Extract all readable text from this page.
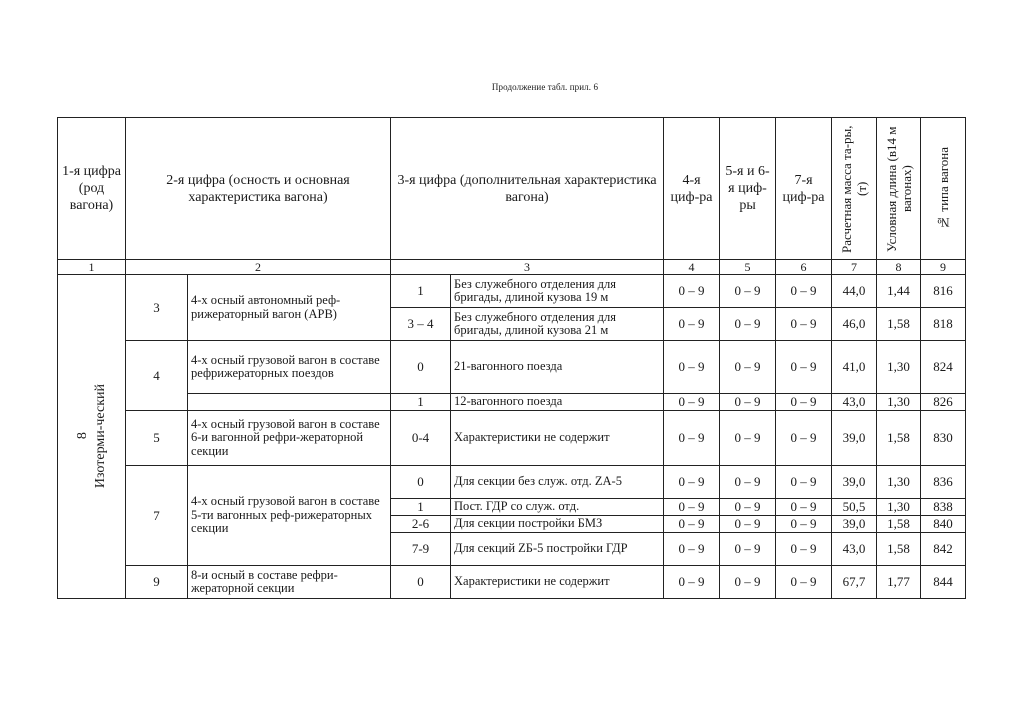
Продолжение табл. прил. 6
1-я цифра (род вагона)	2-я цифра (осность и основная характеристика вагона)		3-я цифра (дополнительная характеристика вагона)		4-я циф-ра	5-я и 6-я циф-ры	7-я циф-ра	Расчетная масса та-ры, (т)	Условная длина (в14 м вагонах)	№ типа вагона

1	2		3		4	5	6	7	8	9

8 Изотерми-ческий	3	4-х осный автономный реф-рижераторный вагон (АРВ)	1	Без служебного отделения для бригады, длиной кузова 19 м	0 – 9	0 – 9	0 – 9	44,0	1,44	816
			3 – 4	Без служебного отделения для бригады, длиной кузова 21 м	0 – 9	0 – 9	0 – 9	46,0	1,58	818
	4	4-х осный грузовой вагон в составе рефрижераторных поездов	0	21-вагонного поезда	0 – 9	0 – 9	0 – 9	41,0	1,30	824
			1	12-вагонного поезда	0 – 9	0 – 9	0 – 9	43,0	1,30	826
	5	4-х осный грузовой вагон в составе 6-и вагонной рефри-жераторной секции	0-4	Характеристики не содержит	0 – 9	0 – 9	0 – 9	39,0	1,58	830
	7	4-х осный грузовой вагон в составе 5-ти вагонных реф-рижераторных секции	0	Для секции без служ. отд. ZA-5	0 – 9	0 – 9	0 – 9	39,0	1,30	836
			1	Пост. ГДР со служ. отд.	0 – 9	0 – 9	0 – 9	50,5	1,30	838
			2-6	Для секции постройки БМЗ	0 – 9	0 – 9	0 – 9	39,0	1,58	840
			7-9	Для секций ZБ-5 постройки ГДР	0 – 9	0 – 9	0 – 9	43,0	1,58	842
	9	8-и осный в составе рефри-жераторной секции	0	Характеристики не содержит	0 – 9	0 – 9	0 – 9	67,7	1,77	844
